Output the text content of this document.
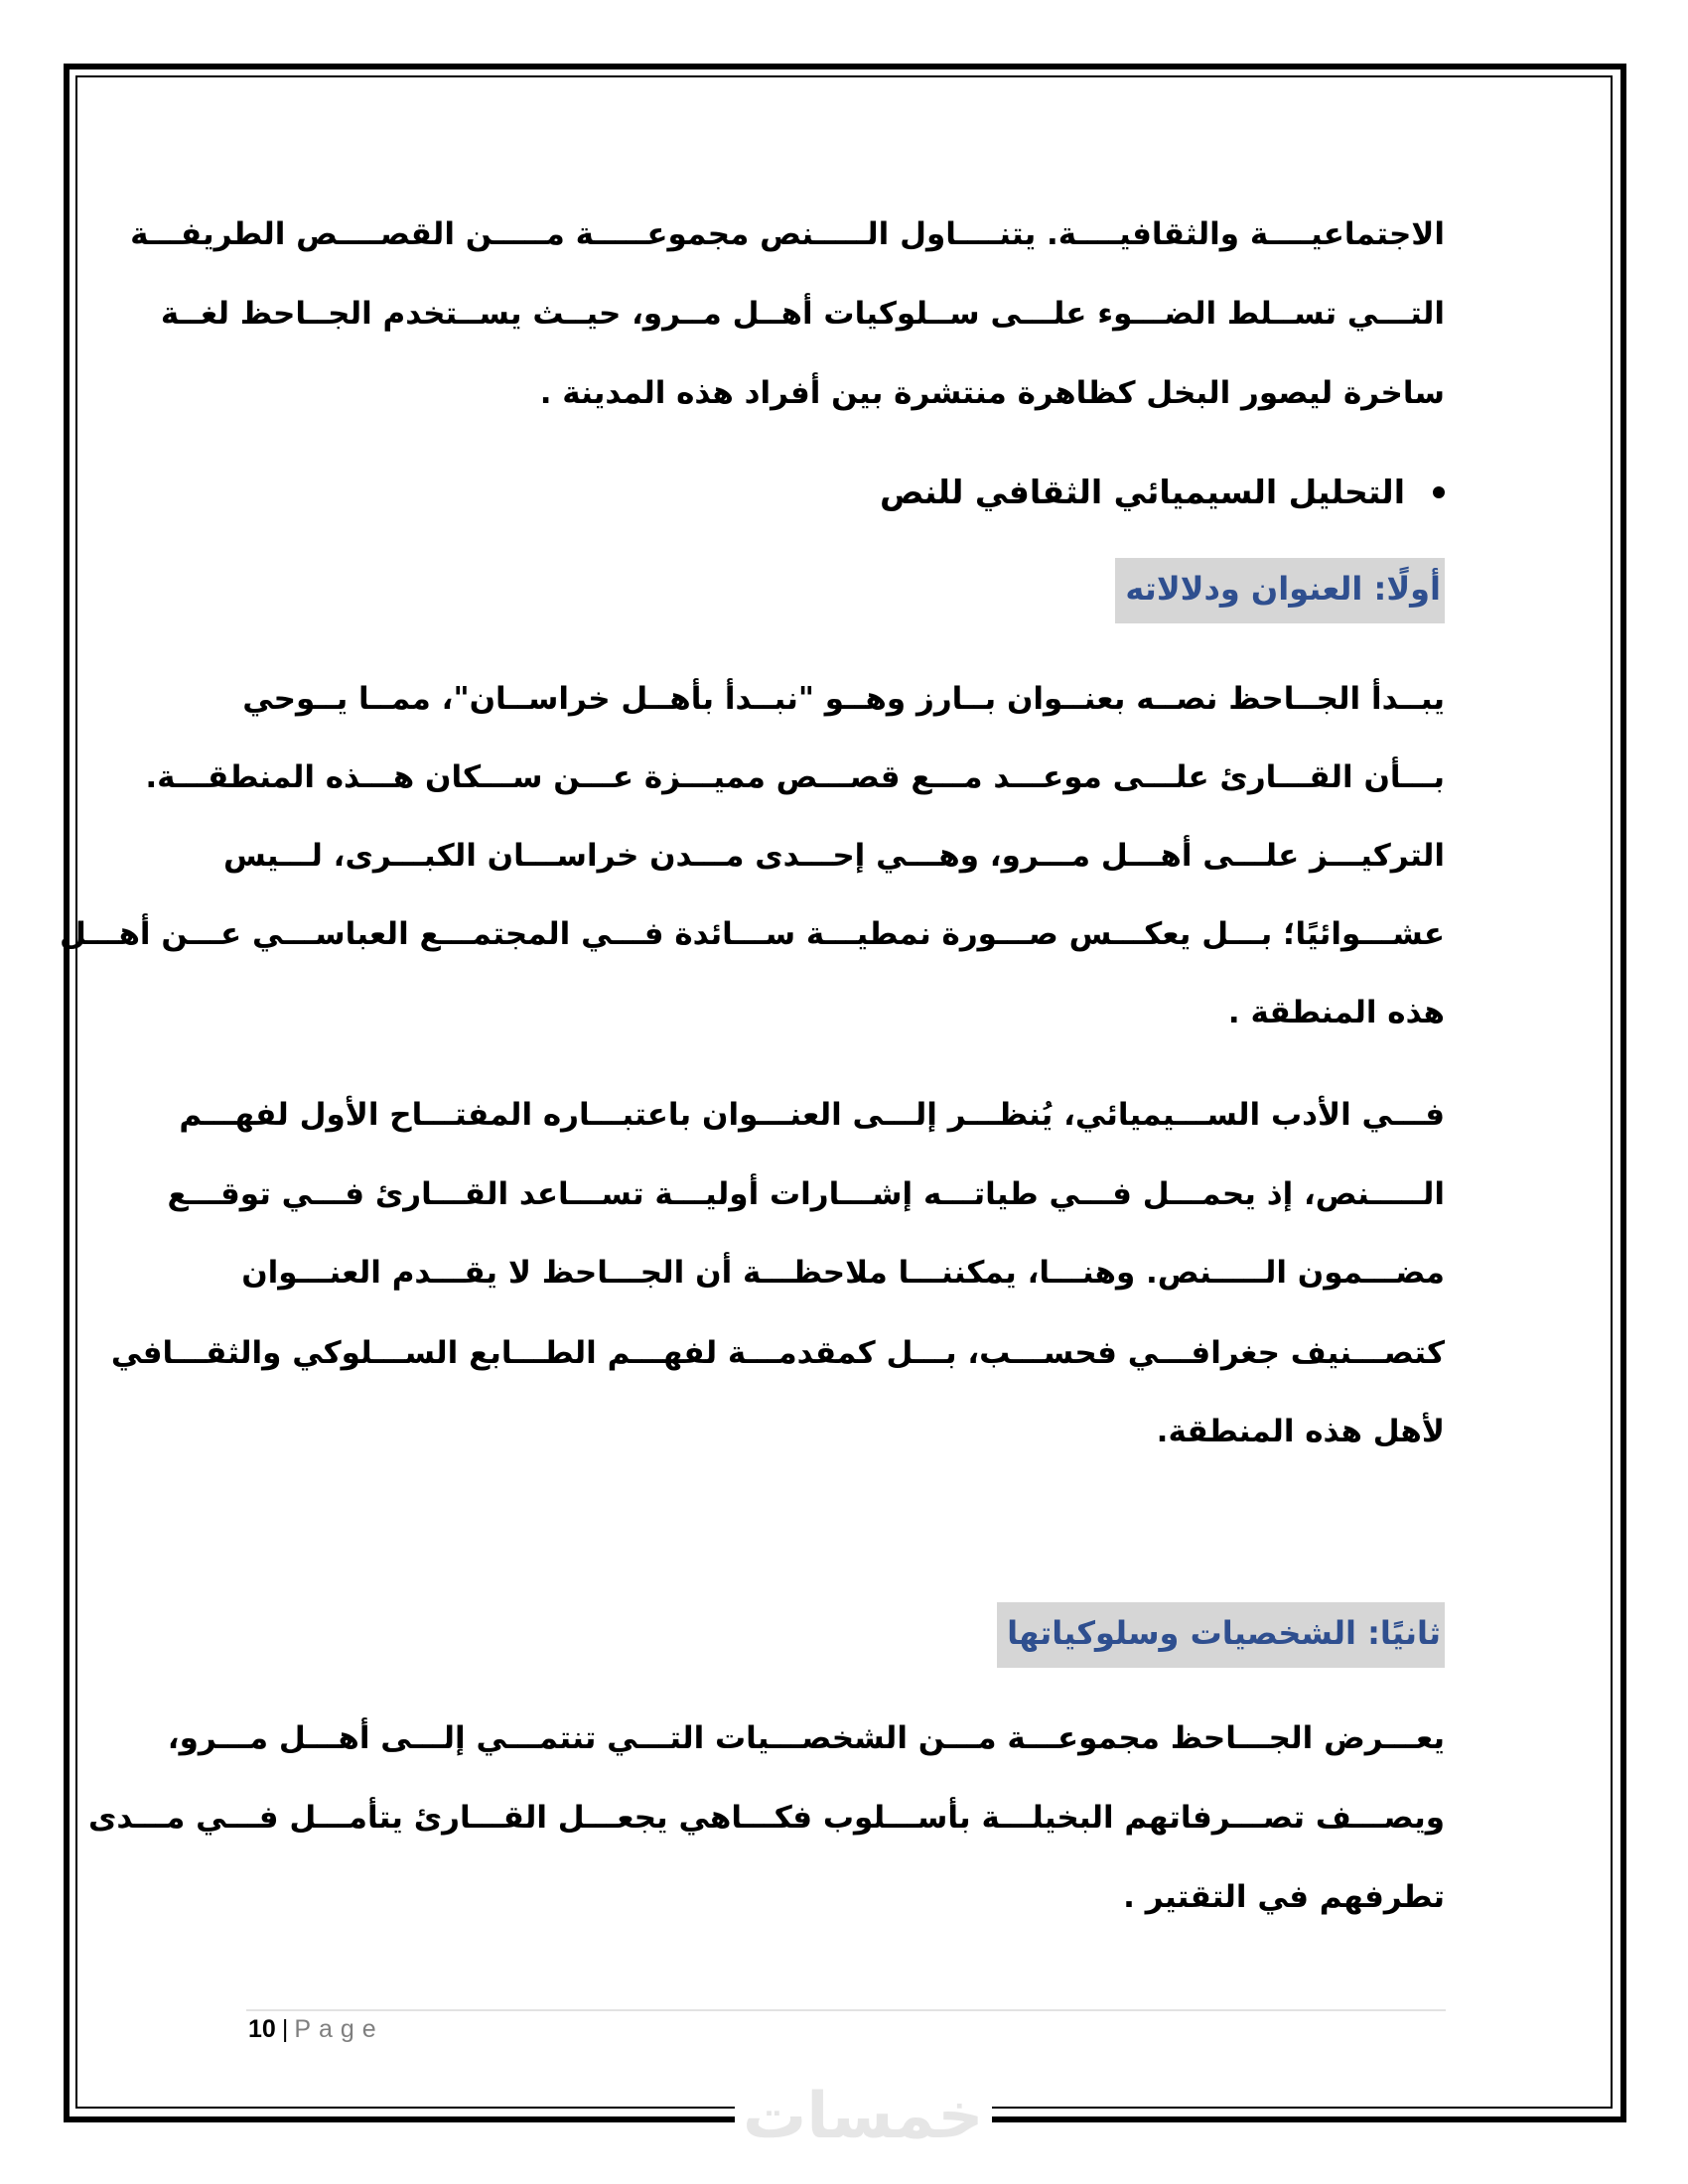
الاجتماعيــــة والثقافيــــة. يتنــــاول الـــــنص مجموعـــــة مـــــن القصــــص الطريفـــة
التـــي تســلط الضـــوء علـــى ســلوكيات أهــل مــرو، حيــث يســتخدم الجــاحظ لغــة
ساخرة ليصور البخل كظاهرة منتشرة بين أفراد هذه المدينة .
التحليل السيميائي الثقافي للنص
أولًا: العنوان ودلالاته
يبــدأ الجــاحظ نصــه بعنــوان بــارز وهــو "نبــدأ بأهــل خراســان"، ممــا يــوحي
بـــأن القـــارئ علـــى موعـــد مـــع قصـــص مميـــزة عـــن ســـكان هـــذه المنطقـــة.
التركيـــز علـــى أهـــل مـــرو، وهـــي إحـــدى مـــدن خراســـان الكبـــرى، لـــيس
عشـــوائيًا؛ بـــل يعكـــس صـــورة نمطيـــة ســـائدة فـــي المجتمـــع العباســـي عـــن أهـــل
هذه المنطقة .
فـــي الأدب الســـيميائي، يُنظـــر إلـــى العنـــوان باعتبـــاره المفتـــاح الأول لفهـــم
الـــــنص، إذ يحمـــل فـــي طياتـــه إشـــارات أوليـــة تســـاعد القـــارئ فـــي توقـــع
مضـــمون الـــــنص. وهنـــا، يمكننـــا ملاحظـــة أن الجـــاحظ لا يقـــدم العنـــوان
كتصـــنيف جغرافـــي فحســـب، بـــل كمقدمـــة لفهـــم الطـــابع الســـلوكي والثقـــافي
لأهل هذه المنطقة.
ثانيًا: الشخصيات وسلوكياتها
يعـــرض الجـــاحظ مجموعـــة مـــن الشخصـــيات التـــي تنتمـــي إلـــى أهـــل مـــرو،
ويصـــف تصـــرفاتهم البخيلـــة بأســـلوب فكـــاهي يجعـــل القـــارئ يتأمـــل فـــي مـــدى
تطرفهم في التقتير .
10 | Page
خمسات
